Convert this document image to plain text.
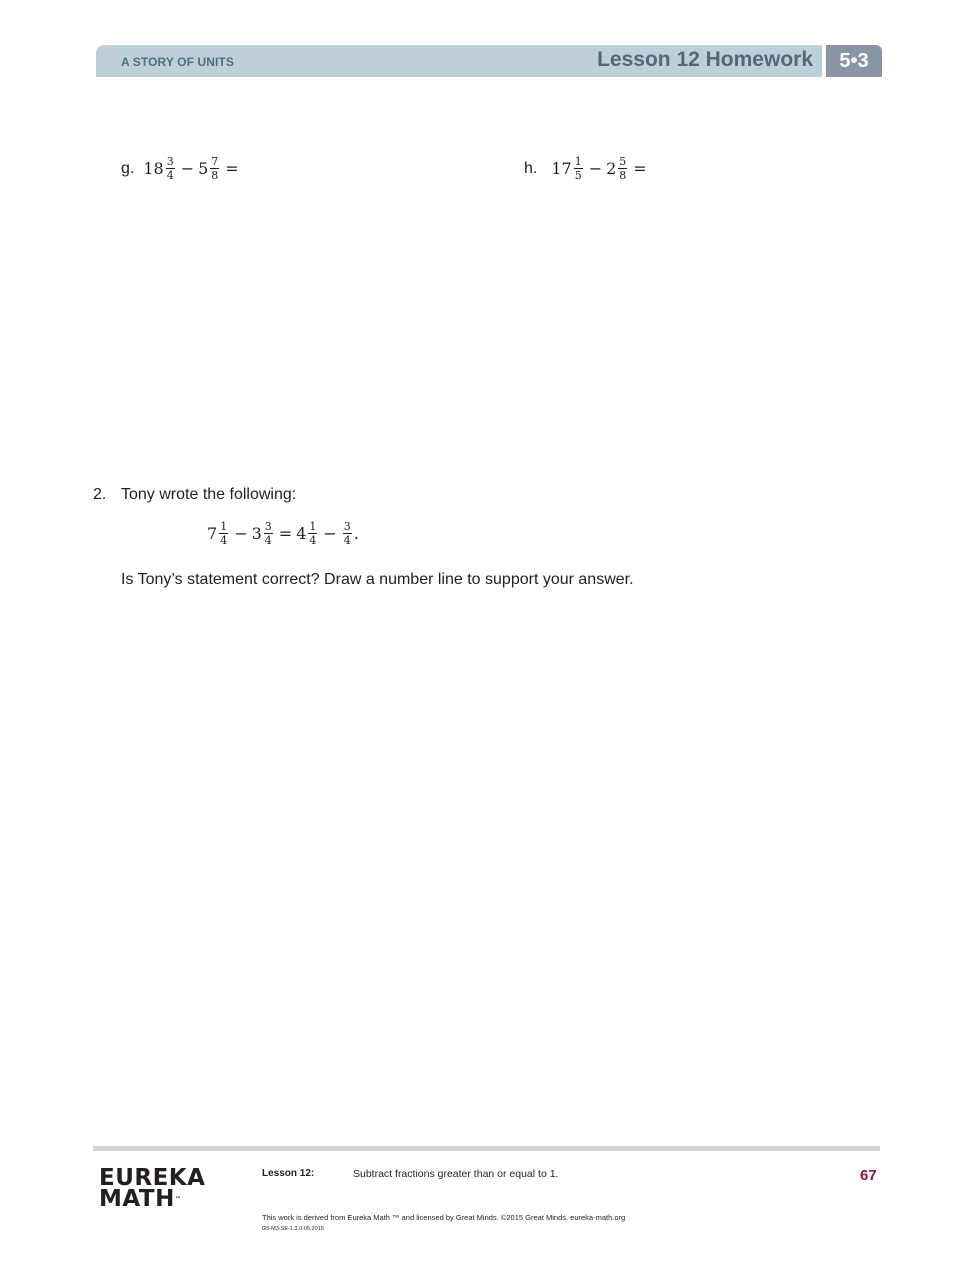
A STORY OF UNITS	Lesson 12 Homework	5•3
g. $18 \frac{3}{4} - 5 \frac{7}{8}$ =	h. $17 \frac{1}{5} - 2 \frac{5}{8}$ =
2. Tony wrote the following:
$7 \frac{1}{4} - 3 \frac{3}{4} = 4 \frac{1}{4} - \frac{3}{4}$ .
Is Tony’s statement correct? Draw a number line to support your answer.
EUREKA
MATH™
Lesson 12:	Subtract fractions greater than or equal to 1.	67
This work is derived from Eureka Math ™ and licensed by Great Minds. ©2015 Great Minds. eureka-math.org
G5-M3-SE-1.3.0-05.2015
